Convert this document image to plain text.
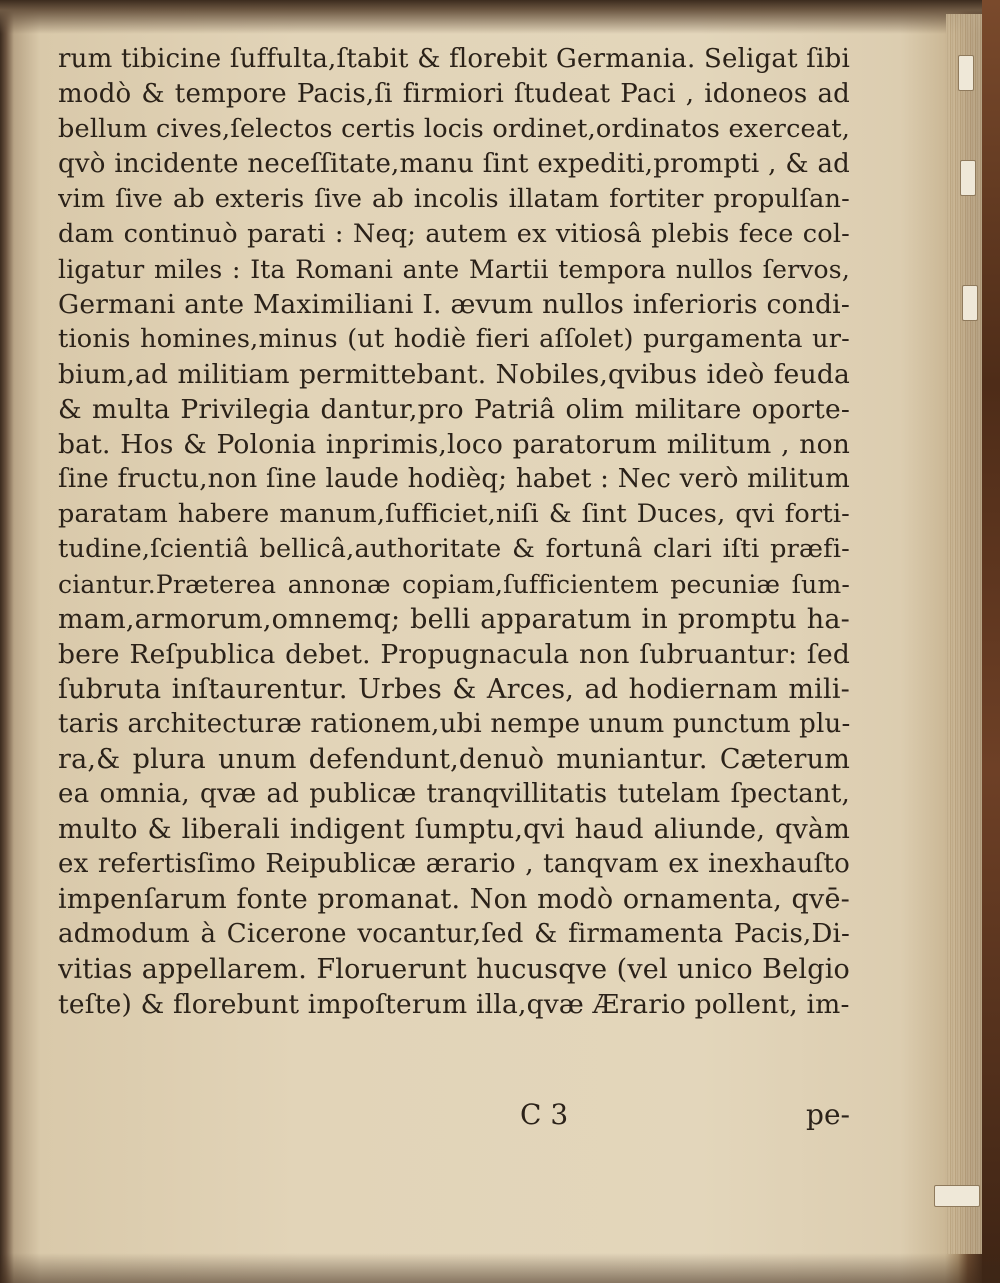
rum tibicine ſuffulta,ſtabit & florebit Germania. Seligat ſibi
modò & tempore Pacis,ſi firmiori ſtudeat Paci , idoneos ad
bellum cives,ſelectos certis locis ordinet,ordinatos exerceat,
qvò incidente neceſſitate,manu ſint expediti,prompti , & ad
vim ſive ab exteris ſive ab incolis illatam fortiter propulſan-
dam continuò parati : Neq; autem ex vitiosâ plebis fece col-
ligatur miles : Ita Romani ante Martii tempora nullos ſervos,
Germani ante Maximiliani I. ævum nullos inferioris condi-
tionis homines,minus (ut hodiè fieri aſſolet) purgamenta ur-
bium,ad militiam permittebant. Nobiles,qvibus ideò feuda
& multa Privilegia dantur,pro Patriâ olim militare oporte-
bat. Hos & Polonia inprimis,loco paratorum militum , non
ſine fructu,non ſine laude hodièq; habet : Nec verò militum
paratam habere manum,ſufficiet,niſi & ſint Duces, qvi forti-
tudine,ſcientiâ bellicâ,authoritate & fortunâ clari iſti præfi-
ciantur.Præterea annonæ copiam,ſufficientem pecuniæ ſum-
mam,armorum,omnemq; belli apparatum in promptu ha-
bere Reſpublica debet. Propugnacula non ſubruantur: ſed
ſubruta inſtaurentur. Urbes & Arces, ad hodiernam mili-
taris architecturæ rationem,ubi nempe unum punctum plu-
ra,& plura unum defendunt,denuò muniantur. Cæterum
ea omnia, qvæ ad publicæ tranqvillitatis tutelam ſpectant,
multo & liberali indigent ſumptu,qvi haud aliunde, qvàm
ex refertisſimo Reipublicæ ærario , tanqvam ex inexhauſto
impenſarum fonte promanat. Non modò ornamenta, qvē-
admodum à Cicerone vocantur,ſed & firmamenta Pacis,Di-
vitias appellarem. Floruerunt hucusqve (vel unico Belgio
teſte) & florebunt impoſterum illa,qvæ Ærario pollent, im-
C 3	pe-
